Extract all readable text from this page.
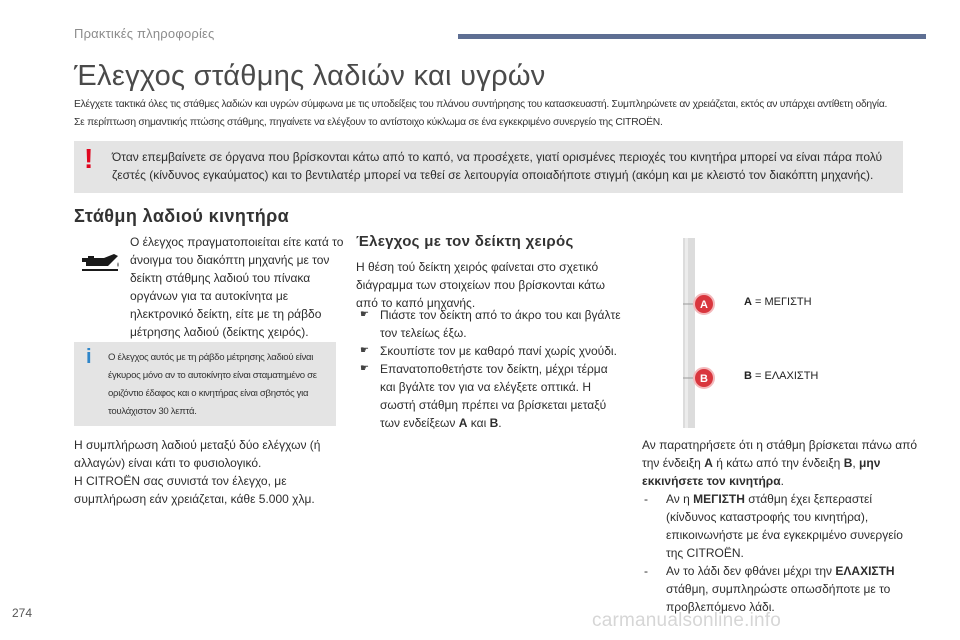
Πρακτικές πληροφορίες
Έλεγχος στάθμης λαδιών και υγρών
Ελέγχετε τακτικά όλες τις στάθμες λαδιών και υγρών σύμφωνα με τις υποδείξεις του πλάνου συντήρησης του κατασκευαστή. Συμπληρώνετε αν χρειάζεται, εκτός αν υπάρχει αντίθετη οδηγία.
Σε περίπτωση σημαντικής πτώσης στάθμης, πηγαίνετε να ελέγξουν το αντίστοιχο κύκλωμα σε ένα εγκεκριμένο συνεργείο της CITROËN.
! Όταν επεμβαίνετε σε όργανα που βρίσκονται κάτω από το καπό, να προσέχετε, γιατί ορισμένες περιοχές του κινητήρα μπορεί να είναι πάρα πολύ ζεστές (κίνδυνος εγκαύματος) και το βεντιλατέρ μπορεί να τεθεί σε λειτουργία οποιαδήποτε στιγμή (ακόμη και με κλειστό τον διακόπτη μηχανής).
Στάθμη λαδιού κινητήρα
Ο έλεγχος πραγματοποιείται είτε κατά το άνοιγμα του διακόπτη μηχανής με τον δείκτη στάθμης λαδιού του πίνακα οργάνων για τα αυτοκίνητα με ηλεκτρονικό δείκτη, είτε με τη ράβδο μέτρησης λαδιού (δείκτης χειρός).
i Ο έλεγχος αυτός με τη ράβδο μέτρησης λαδιού είναι έγκυρος μόνο αν το αυτοκίνητο είναι σταματημένο σε οριζόντιο έδαφος και ο κινητήρας είναι σβηστός για τουλάχιστον 30 λεπτά.
Η συμπλήρωση λαδιού μεταξύ δύο ελέγχων (ή αλλαγών) είναι κάτι το φυσιολογικό.
Η CITROËN σας συνιστά τον έλεγχο, με συμπλήρωση εάν χρειάζεται, κάθε 5.000 χλμ.
Έλεγχος με τον δείκτη χειρός
Η θέση τού δείκτη χειρός φαίνεται στο σχετικό διάγραμμα των στοιχείων που βρίσκονται κάτω από το καπό μηχανής.
☛ Πιάστε τον δείκτη από το άκρο του και βγάλτε τον τελείως έξω.
☛ Σκουπίστε τον με καθαρό πανί χωρίς χνούδι.
☛ Επανατοποθετήστε τον δείκτη, μέχρι τέρμα και βγάλτε τον για να ελέγξετε οπτικά. Η σωστή στάθμη πρέπει να βρίσκεται μεταξύ των ενδείξεων A και B.
A
B
A = ΜΕΓΙΣΤΗ
B = ΕΛΑΧΙΣΤΗ

Αν παρατηρήσετε ότι η στάθμη βρίσκεται πάνω από την ένδειξη A ή κάτω από την ένδειξη B, μην εκκινήσετε τον κινητήρα.

- Αν η ΜΕΓΙΣΤΗ στάθμη έχει ξεπεραστεί (κίνδυνος καταστροφής του κινητήρα), επικοινωνήστε με ένα εγκεκριμένο συνεργείο της CITROËN.
- Αν το λάδι δεν φθάνει μέχρι την ΕΛΑΧΙΣΤΗ στάθμη, συμπληρώστε οπωσδήποτε με το προβλεπόμενο λάδι.
274	carmanualsonline.info
